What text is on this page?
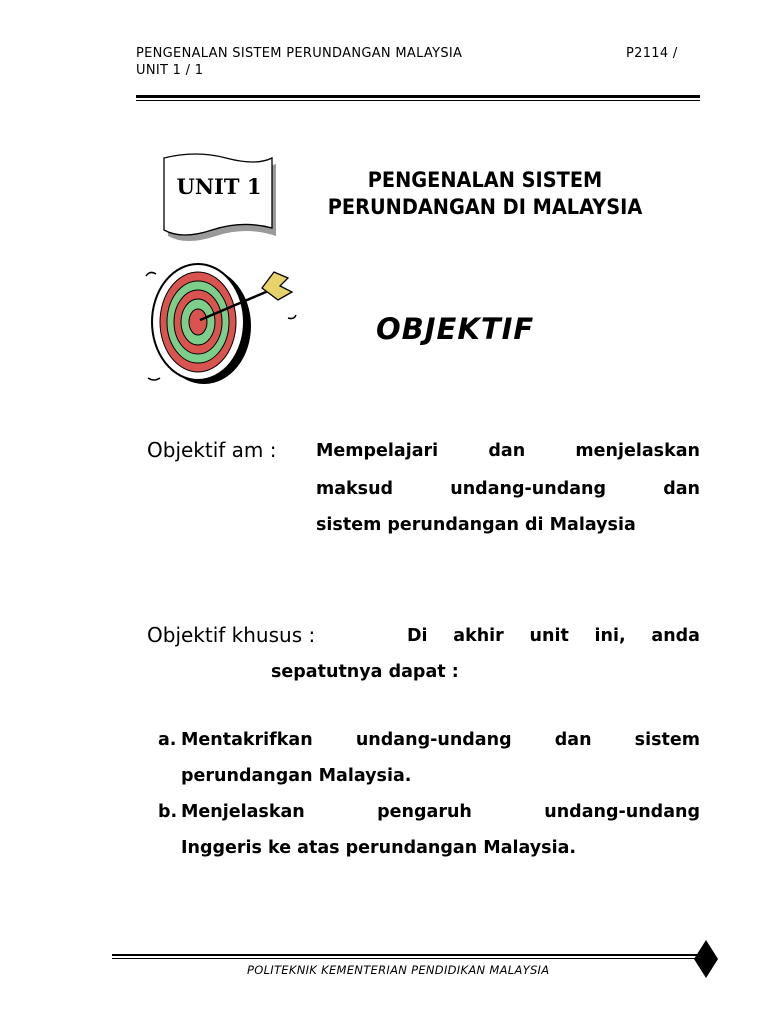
PENGENALAN SISTEM PERUNDANGAN MALAYSIA	P2114 /
UNIT 1 / 1
UNIT 1	PENGENALAN SISTEM
PERUNDANGAN DI MALAYSIA
OBJEKTIF
Objektif am : Mempelajari dan menjelaskan
maksud undang-undang dan
sistem perundangan di Malaysia
Objektif khusus :	Di akhir unit ini, anda
sepatutnya dapat :
a. Mentakrifkan undang-undang dan sistem
perundangan Malaysia.
b. Menjelaskan pengaruh undang-undang
Inggeris ke atas perundangan Malaysia.
POLITEKNIK KEMENTERIAN PENDIDIKAN MALAYSIA
